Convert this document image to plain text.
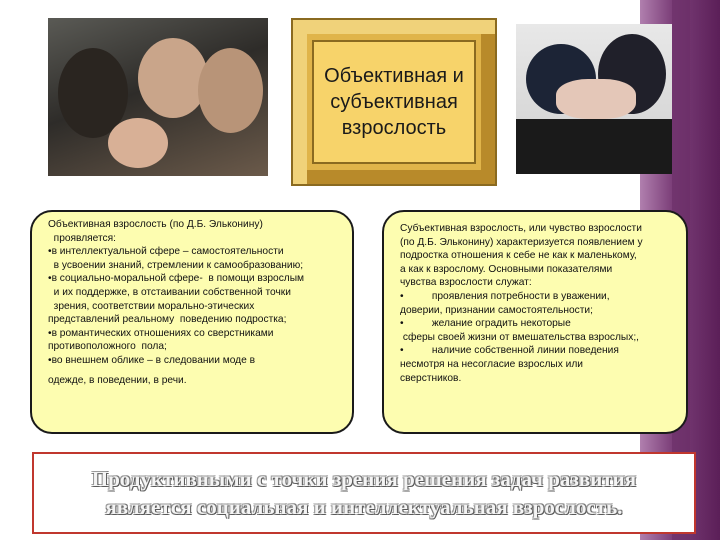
Объективная и
субъективная
взрослость

Объективная взрослость (по Д.Б. Эльконину)

проявляется:

•в интеллектуальной сфере – самостоятельности

в усвоении знаний, стремлении к самообразованию;

•в социально-моральной сфере-  в помощи взрослым

и их поддержке, в отстаивании собственной точки

зрения, соответствии морально-этических

представлений реальному  поведению подростка;

•в романтических отношениях со сверстниками

противоположного  пола;

•во внешнем облике – в следовании моде в

одежде, в поведении, в речи.

Субъективная взрослость, или чувство взрослости

(по Д.Б. Эльконину) характеризуется появлением у

подростка отношения к себе не как к маленькому,

а как к взрослому. Основными показателями

чувства взрослости служат:

•          проявления потребности в уважении,

доверии, признании самостоятельности;

•          желание оградить некоторые

сферы своей жизни от вмешательства взрослых;,

•          наличие собственной линии поведения

несмотря на несогласие взрослых или

сверстников.

Продуктивными с точки зрения решения задач развития
является социальная и интеллектуальная взрослость.
